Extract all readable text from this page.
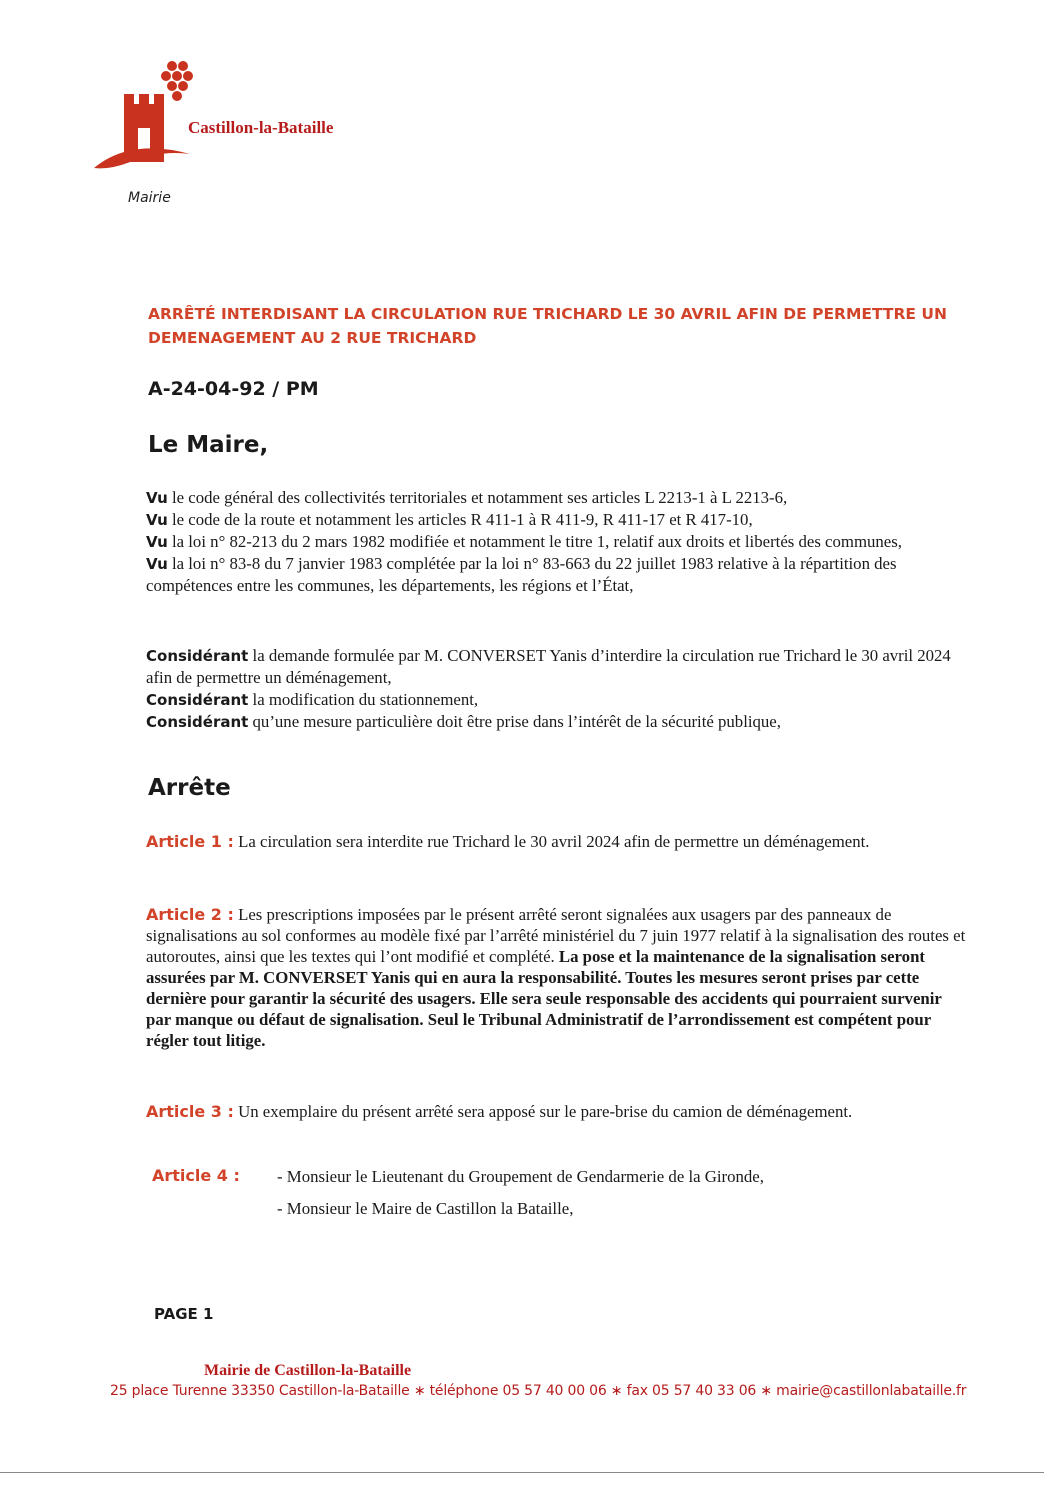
Castillon-la-Bataille
Mairie
ARRÊTÉ INTERDISANT LA CIRCULATION RUE TRICHARD LE 30 AVRIL AFIN DE PERMETTRE UN DEMENAGEMENT AU 2 RUE TRICHARD
A-24-04-92 / PM
Le Maire,
Vu le code général des collectivités territoriales et notamment ses articles L 2213-1 à L 2213-6,
Vu le code de la route et notamment les articles R 411-1 à R 411-9, R 411-17 et R 417-10,
Vu la loi n° 82-213 du 2 mars 1982 modifiée et notamment le titre 1, relatif aux droits et libertés des communes,
Vu la loi n° 83-8 du 7 janvier 1983 complétée par la loi n° 83-663 du 22 juillet 1983 relative à la répartition des compétences entre les communes, les départements, les régions et l’État,
Considérant la demande formulée par M. CONVERSET Yanis d’interdire la circulation rue Trichard le 30 avril 2024 afin de permettre un déménagement,
Considérant la modification du stationnement,
Considérant qu’une mesure particulière doit être prise dans l’intérêt de la sécurité publique,
Arrête
Article 1 : La circulation sera interdite rue Trichard le 30 avril 2024 afin de permettre un déménagement.
Article 2 : Les prescriptions imposées par le présent arrêté seront signalées aux usagers par des panneaux de signalisations au sol conformes au modèle fixé par l’arrêté ministériel du 7 juin 1977 relatif à la signalisation des routes et autoroutes, ainsi que les textes qui l’ont modifié et complété. La pose et la maintenance de la signalisation seront assurées par M. CONVERSET Yanis qui en aura la responsabilité. Toutes les mesures seront prises par cette dernière pour garantir la sécurité des usagers. Elle sera seule responsable des accidents qui pourraient survenir par manque ou défaut de signalisation. Seul le Tribunal Administratif de l’arrondissement est compétent pour régler tout litige.
Article 3 : Un exemplaire du présent arrêté sera apposé sur le pare-brise du camion de déménagement.
Article 4 : - Monsieur le Lieutenant du Groupement de Gendarmerie de la Gironde,
- Monsieur le Maire de Castillon la Bataille,
PAGE 1
Mairie de Castillon-la-Bataille
25 place Turenne 33350 Castillon-la-Bataille ∗ téléphone 05 57 40 00 06 ∗ fax 05 57 40 33 06 ∗ mairie@castillonlabataille.fr
